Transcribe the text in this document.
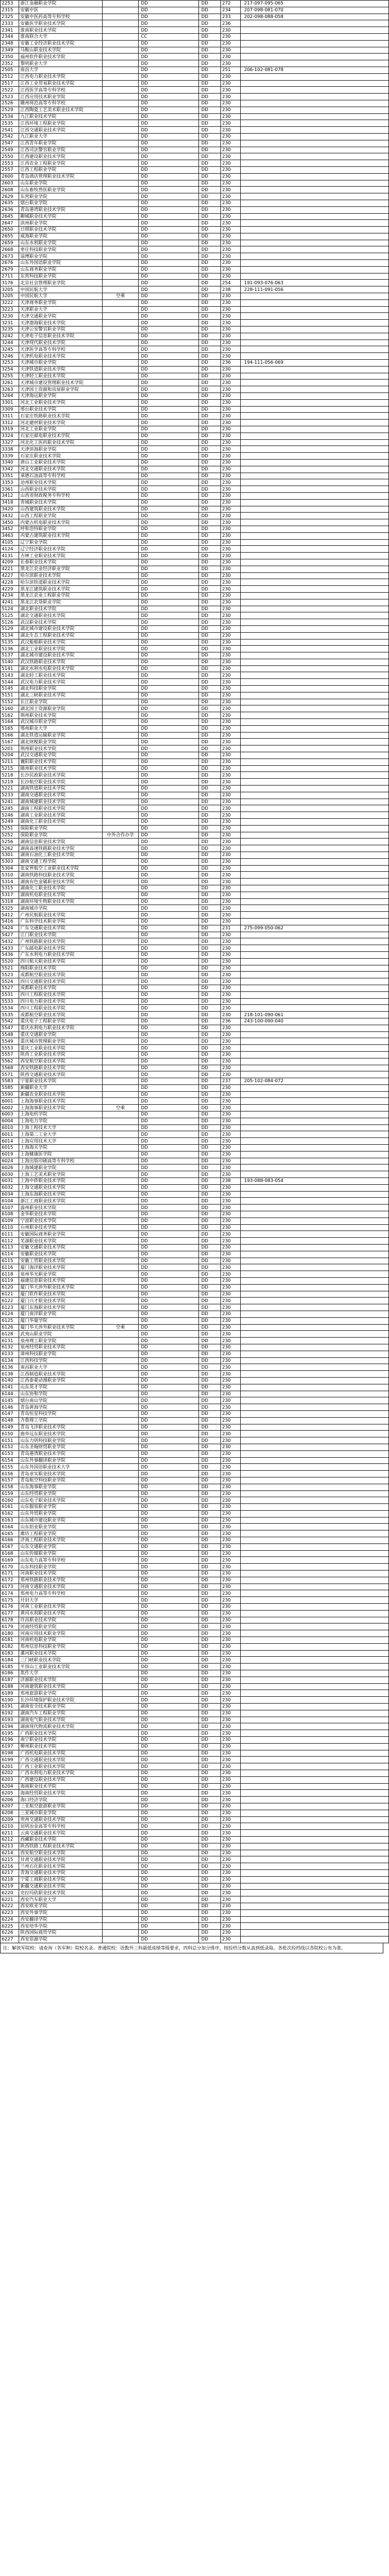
2253	浙江金融职业学院		DD	DD	272	217-097-095-065
2315	安徽中医		DD	DD	234	207-098-081-070
2325	安徽中医药高等专科学校		DD	DD	233	202-098-088-058
2333	安徽医学职业技术学院		DD	DD	236	
2341	淮南职业技术学院		DD	DD	230	
2344	淮南联合大学		CC	DD	230	
2348	安徽工业经济职业技术学院		DD	DD	230	
2349	马鞍山职业技术学院		DD	DD	230	
2350	福州软件职业技术学院		DD	DD	230	
2352	黎明职业大学		DD	DD	230	
2505	南昌大学		DD	DD	251	206-102-081-078
2512	江西电力职业技术学院		DD	DD	230	
2517	江西工业贸易职业技术学院		DD	DD	230	
2522	江西医学高等专科学校		DD	DD	230	
2523	江西应用技术职业学院		DD	DD	230	
2526	赣州师范高等专科学校		DD	DD	230	
2529	江西陶瓷工艺美术职业技术学院		DD	DD	230	
2534	九江职业技术学院		DD	DD	230	
2535	江西环境工程职业学院		DD	DD	230	
2541	江西交通职业技术学院		DD	DD	230	
2542	九江职业大学		DD	DD	230	
2547	江西青年职业学院		DD	DD	230	
2549	江西司法警官职业学院		DD	DD	230	
2550	江西建设职业技术学院		DD	DD	230	
2553	江西农业工程职业学院		DD	DD	230	
2557	江西工程职业学院		DD	DD	230	
2600	青岛酒店管理职业技术学院		DD	DD	230	
2603	山东职业学院		DD	DD	230	
2608	山东畜牧兽医职业学院		DD	DD	230	
2629	东营职业学院		DD	DD	230	
2635	烟台职业学院		DD	DD	230	
2636	青岛港湾职业技术学院		DD	DD	230	
2645	聊城职业技术学院		DD	DD	230	
2647	滨州职业学院		DD	DD	230	
2650	日照职业技术学院		DD	DD	230	
2655	威海职业学院		DD	DD	230	
2659	山东水利职业学院		DD	DD	230	
2668	枣庄科技职业学院		DD	DD	230	
2673	淄博职业学院		DD	DD	230	
2676	山东外国语职业学院		DD	DD	230	
2679	山东商务职业学院		DD	DD	230	
2711	东营科技职业学院		DD	DD	230	
3176	北京社会管理职业学院		DD	DD	254	191-093-076-063
3205	中国民航大学		DD	DD	238	228-111-091-056
3205	中国民航大学	空乘	DD	DD	230	
3222	天津商务职业学院		DD	DD	230	
3223	天津职业大学		DD	DD	230	
3230	天津交通职业学院		DD	DD	230	
3231	天津渤海职业技术学院		DD	DD	230	
3235	天津公安警官职业学院		DD	DD	230	
3242	天津电子信息职业技术学院		DD	DD	230	
3244	天津现代职业技术学院		DD	DD	230	
3245	天津医学高等专科学校		DD	DD	230	
3246	天津机电职业技术学院		DD	DD	230	
3253	天津城市职业学院		DD	DD	236	194-111-056-069
3254	天津铁道职业技术学院		DD	DD	230	
3255	天津轻工职业技术学院		DD	DD	230	
3261	天津城市建设管理职业技术学院		DD	DD	230	
3263	天津国土资源和房屋职业学院		DD	DD	230	
3264	天津海运职业学院		DD	DD	230	
3301	河北工业职业技术学院		DD	DD	230	
3309	邢台职业技术学院		DD	DD	230	
3311	石家庄铁路职业技术学院		DD	DD	230	
3312	河北建材职业技术学院		DD	DD	230	
3319	河北工业职业学院		DD	DD	230	
3324	石家庄邮电职业技术学院		DD	DD	230	
3327	河北化工医药职业技术学院		DD	DD	230	
3338	天津滨海职业学院		DD	DD	230	
3339	石家庄职业技术学院		DD	DD	230	
3340	唐山工业职业技术学院		DD	DD	230	
3342	河北交通职业技术学院		DD	DD	230	
3351	承德石油高等专科学校		DD	DD	230	
3353	沧州职业技术学院		DD	DD	230	
3361	山西职业技术学院		DD	DD	230	
3412	山西省财政税务专科学校		DD	DD	230	
3418	晋城职业技术学院		DD	DD	230	
3420	山西建筑职业技术学院		DD	DD	230	
3432	山西工程职业学院		DD	DD	230	
3450	内蒙古机电职业技术学院		DD	DD	230	
3452	呼和浩特职业学院		DD	DD	230	
3463	内蒙古建筑职业技术学院		DD	DD	230	
4105	辽宁职业学院		DD	DD	230	
4124	辽宁经济职业技术学院		DD	DD	230	
4131	吉林工业职业技术学院		DD	DD	230	
4209	长春职业技术学院		DD	DD	230	
4221	黑龙江农业经济职业学院		DD	DD	230	
4227	哈尔滨职业技术学院		DD	DD	230	
4228	哈尔滨铁道职业技术学院		DD	DD	230	
4229	黑龙江建筑职业技术学院		DD	DD	230	
4234	黑龙江农业工程职业学院		DD	DD	230	
4241	黑龙江农垦职业学院		DD	DD	230	
5124	湖北职业技术学院		DD	DD	230	
5125	湖北交通职业技术学院		DD	DD	230	
5126	武汉职业技术学院		DD	DD	230	
5129	湖北城市建设职业技术学院		DD	DD	230	
5134	湖北生态工程职业技术学院		DD	DD	230	
5135	武汉船舶职业技术学院		DD	DD	230	
5136	湖北工业职业技术学院		DD	DD	230	
5137	湖北城市建设职业技术学院		DD	DD	230	
5140	武汉铁路职业技术学院		DD	DD	230	
5141	湖北水利水电职业技术学院		DD	DD	230	
5143	湖北轻工职业技术学院		DD	DD	230	
5144	武汉电力职业技术学院		DD	DD	230	
5145	湖北科技职业学院		DD	DD	230	
5151	湖北三峡职业技术学院		DD	DD	230	
5152	长江职业学院		DD	DD	230	
5160	湖北国土资源职业学院		DD	DD	230	
5162	荆州职业技术学院		DD	DD	230	
5164	武汉城市职业学院		DD	DD	230	
5165	鄂州职业大学		DD	DD	230	
5166	湖北铁道运输职业学院		DD	DD	230	
5167	湖北财税职业学院		DD	DD	230	
5201	荆州职业技术学院		DD	DD	230	
5204	武汉交通职业学院		DD	DD	230	
5211	襄阳职业技术学院		DD	DD	230	
5215	随州职业技术学院		DD	DD	230	
5218	长沙民政职业技术学院		DD	DD	230	
5219	长沙航空职业技术学院		DD	DD	230	
5221	湖南铁道职业技术学院		DD	DD	230	
5233	湖南交通职业技术学院		DD	DD	230	
5241	湖南城建职业技术学院		DD	DD	230	
5245	湖南工程职业技术学院		DD	DD	230	
5246	湖南工业职业技术学院		DD	DD	230	
5249	湖南化工职业技术学院		DD	DD	230	
5251	保险职业学院		DD	DD	230	
5252	保险职业学院	中外合作办学	DD	DD	230	
5256	湖南信息职业技术学院		DD	DD	230	
5262	湖南高速铁路职业技术学院		DD	DD	230	
5301	湖南石油化工职业技术学院		DD	DD	230	
5303	湖南交通工程学院		DD	DD	230	
5304	张家界航空工业职业技术学院		DD	DD	230	
5310	湖南铁路科技职业技术学院		DD	DD	230	
5314	湖南有色金属职业技术学院		DD	DD	230	
5315	湖南化工职业技术学院		DD	DD	230	
5317	湖南机电职业技术学院		DD	DD	230	
5318	湖南环境生物职业技术学院		DD	DD	230	
5325	湖南城市学院		DD	DD	230	
5412	广州民航职业技术学院		DD	DD	230	
5416	广东科学技术职业学院		DD	DD	230	
5424	广东交通职业技术学院		DD	DD	231	275-099-050-062
5427	江门职业技术学院		DD	DD	230	
5432	广州铁路职业技术学院		DD	DD	230	
5433	广东邮电职业技术学院		DD	DD	230	
5436	广东水利电力职业技术学院		DD	DD	230	
5520	四川航天职业技术学院		DD	DD	230	
5521	绵阳职业技术学院		DD	DD	230	
5523	成都航空职业技术学院		DD	DD	230	
5524	四川交通职业技术学院		DD	DD	230	
5527	成都职业技术学院		DD	DD	230	
5531	四川工程职业技术学院		DD	DD	230	
5533	四川电力职业技术学院		DD	DD	230	
5534	四川工程职业技术学院		DD	DD	230	
5535	成都航空职业技术学院		DD	DD	230	218-101-090-061
5542	重庆电子工程职业学院		DD	DD	236	243-100-090-040
5547	重庆水利电力职业技术学院		DD	DD	230	
5548	重庆交通职业学院		DD	DD	230	
5549	重庆城市管理职业学院		DD	DD	230	
5553	重庆工业职业技术学院		DD	DD	230	
5557	陕西工业职业技术学院		DD	DD	230	
5562	西安航空职业技术学院		DD	DD	230	
5568	西安铁路职业技术学院		DD	DD	230	
5571	陕西交通职业技术学院		DD	DD	230	
5583	宁夏职业技术学院		DD	DD	237	205-102-084-072
5585	新疆职业大学		DD	DD	230	
5590	新疆农业职业技术学院		DD	DD	230	
6001	上海海事职业技术学院		DD	DD	230	
6002	上海海事职业技术学院	空乘	DD	DD	230	
6003	上海电机学院		DD	DD	230	
6004	上海电力学院		DD	DD	230	
6010	上海工程技术大学		DD	DD	230	
6011	上海第二工业大学		DD	DD	230	
6014	上海应用技术大学		DD	DD	230	
6015	上海海关学院		DD	DD	230	
6019	上海健康医学院		DD	DD	230	
6024	上海出版印刷高等专科学校		DD	DD	230	
6026	上海城建职业学院		DD	DD	230	
6030	上海工艺美术职业学院		DD	DD	230	
6031	上海中侨职业技术学院		DD	DD	238	193-088-083-054
6032	上海交通职业技术学院		DD	DD	230	
6034	上海东海职业技术学院		DD	DD	230	
6104	浙江工商职业技术学院		DD	DD	230	
6107	温州职业技术学院		DD	DD	230	
6108	金华职业技术学院		DD	DD	230	
6109	宁波职业技术学院		DD	DD	230	
6110	台州职业技术学院		DD	DD	230	
6111	安徽国际商务职业学院		DD	DD	230	
6112	芜湖职业技术学院		DD	DD	230	
6113	安徽交通职业技术学院		DD	DD	230	
6114	安徽职业技术学院		DD	DD	230	
6115	安徽工贸职业技术学院		DD	DD	230	
6116	厦门海洋职业技术学院		DD	DD	230	
6118	泉州华光职业学院		DD	DD	230	
6119	福建信息职业技术学院		DD	DD	230	
6120	厦门华天涉外职业技术学院		DD	DD	230	
6121	厦门软件职业技术学院		DD	DD	230	
6122	厦门兴才职业技术学院		DD	DD	230	
6123	厦门东海职业技术学院		DD	DD	230	
6124	厦门南洋职业学院		DD	DD	230	
6125	厦门华厦学院		DD	DD	230	
6126	厦门华天涉外职业技术学院	空乘	DD	DD	230	
6128	武夷山职业学院		DD	DD	230	
6131	泉州理工职业学院		DD	DD	230	
6132	泉州经贸职业技术学院		DD	DD	230	
6133	漳州科技职业学院		DD	DD	230	
6134	江西科技学院		DD	DD	230	
6136	南昌职业大学		DD	DD	230	
6138	江西制造职业技术学院		DD	DD	230	
6140	江西泰豪动漫职业学院		DD	DD	230	
6141	山东英才学院		DD	DD	230	
6144	山东协和学院		DD	DD	230	
6145	烟台南山学院		DD	DD	230	
6146	青岛黄海学院		DD	DD	230	
6147	青岛恒星科技学院		DD	DD	230	
6148	齐鲁理工学院		DD	DD	230	
6149	青岛飞洋职业技术学院		DD	DD	230	
6150	曲阜远东职业技术学院		DD	DD	230	
6151	山东力明科技职业学院		DD	DD	230	
6152	山东圣翰财贸职业学院		DD	DD	230	
6153	青岛港湾职业技术学院		DD	DD	230	
6154	山东外事翻译职业学院		DD	DD	230	
6155	山东外国语职业技术大学		DD	DD	230	
6156	青岛求实职业技术学院		DD	DD	230	
6157	青岛航空科技职业学院		DD	DD	230	
6158	山东海事职业学院		DD	DD	230	
6159	山东经贸职业学院		DD	DD	230	
6160	山东电子职业技术学院		DD	DD	230	
6161	山东服装职业学院		DD	DD	230	
6162	山东外贸职业学院		DD	DD	230	
6163	山东城市建设职业学院		DD	DD	230	
6164	山东铝业职业学院		DD	DD	230	
6165	潍坊工程职业学院		DD	DD	230	
6166	济南工程职业技术学院		DD	DD	230	
6167	山东交通职业学院		DD	DD	230	
6168	山东传媒职业学院		DD	DD	230	
6169	山东电力高等专科学校		DD	DD	230	
6170	山东科技职业学院		DD	DD	230	
6171	河南职业技术学院		DD	DD	230	
6172	郑州铁路职业技术学院		DD	DD	230	
6173	河南交通职业技术学院		DD	DD	230	
6174	郑州电力高等专科学校		DD	DD	230	
6175	开封大学		DD	DD	230	
6176	河南工业职业技术学院		DD	DD	230	
6177	黄河水利职业技术学院		DD	DD	230	
6178	许昌职业技术学院		DD	DD	230	
6179	河南经贸职业学院		DD	DD	230	
6180	河南应用技术职业学院		DD	DD	230	
6181	河南机电职业学院		DD	DD	230	
6182	郑州信息科技职业学院		DD	DD	230	
6183	漯河职业技术学院		DD	DD	230	
6184	三门峡职业技术学院		DD	DD	230	
6185	平顶山工业职业技术学院		DD	DD	230	
6186	焦作大学		DD	DD	230	
6187	济源职业技术学院		DD	DD	230	
6188	河南建筑职业技术学院		DD	DD	230	
6189	郑州旅游职业学院		DD	DD	230	
6190	长沙环境保护职业技术学院		DD	DD	230	
6191	湖南安全技术职业学院		DD	DD	230	
6192	湖南汽车工程职业学院		DD	DD	230	
6193	湖南电气职业技术学院		DD	DD	230	
6194	湖南现代物流职业技术学院		DD	DD	230	
6195	广西职业技术学院		DD	DD	230	
6196	南宁职业技术学院		DD	DD	230	
6197	柳州职业技术学院		DD	DD	230	
6198	广西机电职业技术学院		DD	DD	230	
6199	广西交通职业技术学院		DD	DD	230	
6201	广西工业职业技术学院		DD	DD	230	
6202	广西水利电力职业技术学院		DD	DD	230	
6203	广西建设职业技术学院		DD	DD	230	
6204	海南职业技术学院		DD	DD	230	
6205	海南经贸职业技术学院		DD	DD	230	
6206	海口经济学院		DD	DD	230	
6207	三亚航空旅游职业学院		DD	DD	230	
6208	三亚城市职业学院		DD	DD	230	
6209	贵州交通职业技术学院		DD	DD	230	
6210	昆明冶金高等专科学校		DD	DD	230	
6211	云南交通职业技术学院		DD	DD	230	
6212	西藏职业技术学院		DD	DD	230	
6213	陕西铁路工程职业技术学院		DD	DD	230	
6214	西安航空职业技术学院		DD	DD	230	
6215	甘肃交通职业技术学院		DD	DD	230	
6216	兰州石化职业技术学院		DD	DD	230	
6217	青海交通职业技术学院		DD	DD	230	
6218	宁夏工商职业技术学院		DD	DD	230	
6219	新疆交通职业技术学院		DD	DD	230	
6220	克拉玛依职业技术学院		DD	DD	230	
6221	西安汽车职业大学		DD	DD	230	
6222	西安欧亚学院		DD	DD	230	
6223	西安外事学院		DD	DD	230	
6224	西安翻译学院		DD	DD	230	
6225	西安培华学院		DD	DD	230	
6226	陕西国际商贸学院		DD	DD	230	
6227	西安思源学院		DD	DD	230	
注：解放军院校：请查询（各军种）院校名录。普通院校：语数外三科最低成绩等级要求，四科总分加分排序，按投档分数从高到低录取。各批次投档线以各院校公布为准。
